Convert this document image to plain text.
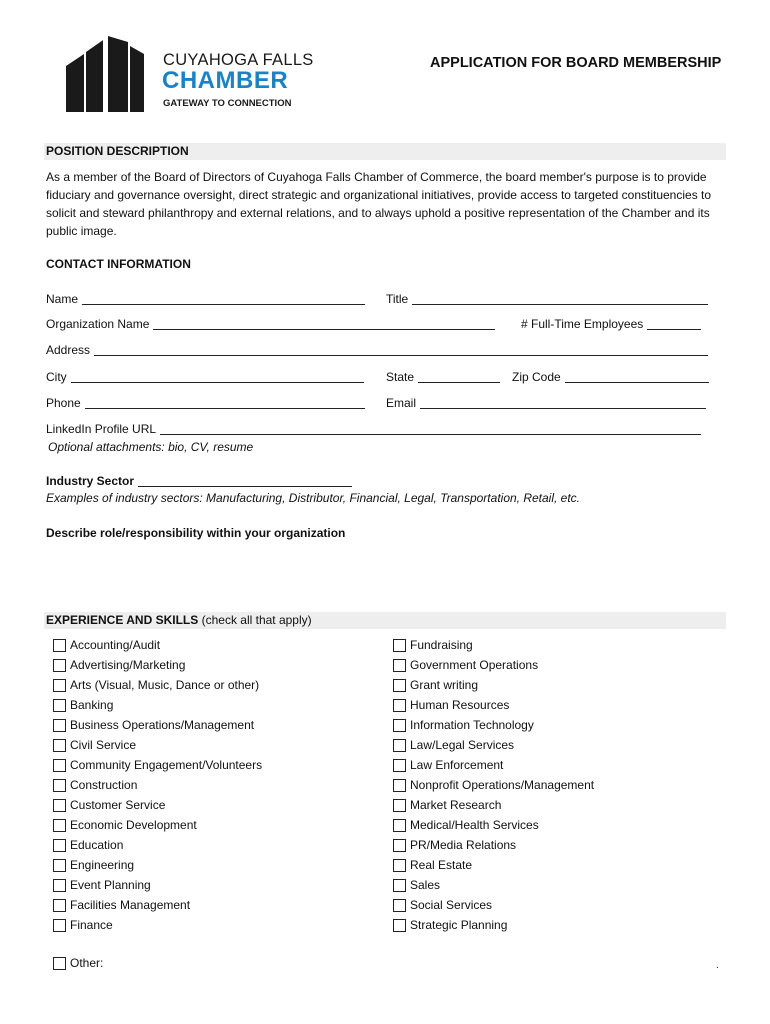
CUYAHOGA FALLS
CHAMBER
GATEWAY TO CONNECTION
APPLICATION FOR BOARD MEMBERSHIP
POSITION DESCRIPTION
As a member of the Board of Directors of Cuyahoga Falls Chamber of Commerce, the board member's purpose is to provide fiduciary and governance oversight, direct strategic and organizational initiatives, provide access to targeted constituencies to solicit and steward philanthropy and external relations, and to always uphold a positive representation of the Chamber and its public image.
CONTACT INFORMATION
Name	Title
Organization Name	# Full-Time Employees
Address
City	State	Zip Code
Phone	Email
LinkedIn Profile URL
Optional attachments: bio, CV, resume
Industry Sector
Examples of industry sectors: Manufacturing, Distributor, Financial, Legal, Transportation, Retail, etc.
Describe role/responsibility within your organization
EXPERIENCE AND SKILLS (check all that apply)
Accounting/Audit
Advertising/Marketing
Arts (Visual, Music, Dance or other)
Banking
Business Operations/Management
Civil Service
Community Engagement/Volunteers
Construction
Customer Service
Economic Development
Education
Engineering
Event Planning
Facilities Management
Finance
Fundraising
Government Operations
Grant writing
Human Resources
Information Technology
Law/Legal Services
Law Enforcement
Nonprofit Operations/Management
Market Research
Medical/Health Services
PR/Media Relations
Real Estate
Sales
Social Services
Strategic Planning
Other:	.
